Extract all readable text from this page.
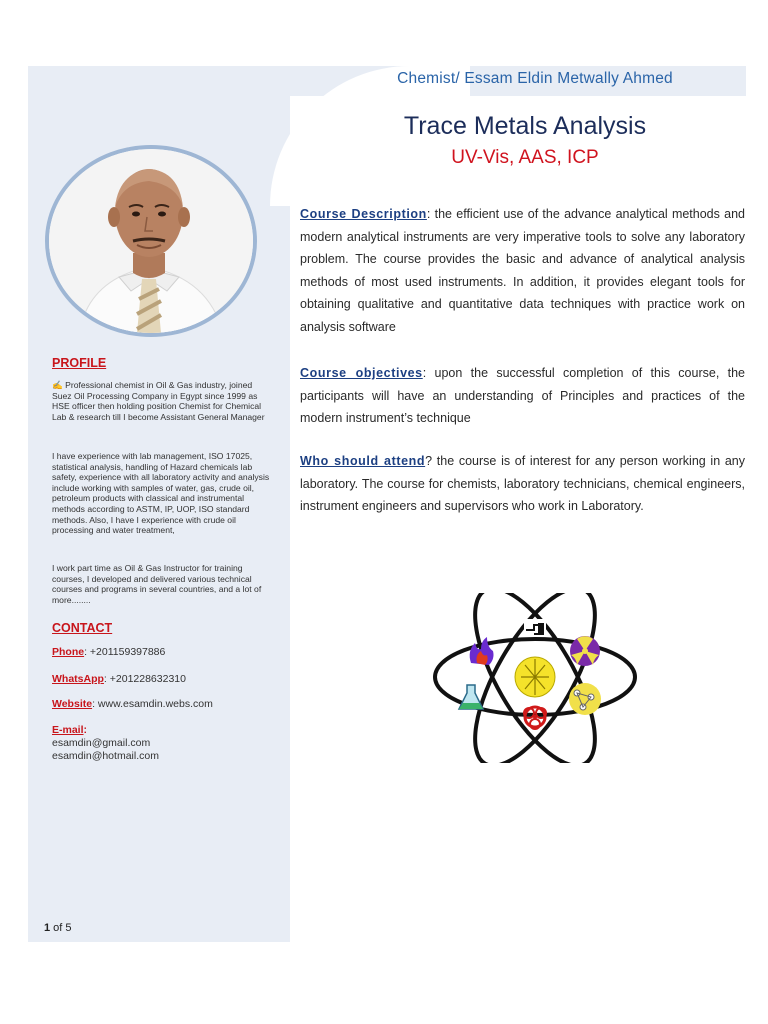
Chemist/ Essam Eldin Metwally Ahmed
Trace Metals Analysis
UV-Vis, AAS, ICP
Course Description: the efficient use of the advance analytical methods and modern analytical instruments are very imperative tools to solve any laboratory problem. The course provides the basic and advance of analytical analysis methods of most used instruments. In addition, it provides elegant tools for obtaining qualitative and quantitative data techniques with practice work on analysis software
Course objectives: upon the successful completion of this course, the participants will have an understanding of Principles and practices of the modern instrument’s technique
Who should attend? the course is of interest for any person working in any laboratory. The course for chemists, laboratory technicians, chemical engineers, instrument engineers and supervisors who work in Laboratory.
PROFILE
✍ Professional chemist in Oil & Gas industry, joined Suez Oil Processing Company in Egypt since 1999 as HSE officer then holding position Chemist for Chemical Lab & research till I become Assistant General Manager
I have experience with lab management, ISO 17025, statistical analysis, handling of Hazard chemicals lab safety, experience with all laboratory activity and analysis include working with samples of water, gas, crude oil, petroleum products with classical and instrumental methods according to ASTM, IP, UOP, ISO standard methods. Also, I have I experience with crude oil processing and water treatment,
I work part time as Oil & Gas Instructor for training courses, I developed and delivered various technical courses and programs in several countries, and a lot of more........
CONTACT
Phone: +201159397886
WhatsApp: +201228632310
Website: www.esamdin.webs.com
E-mail:
esamdin@gmail.com
esamdin@hotmail.com
1 of 5
